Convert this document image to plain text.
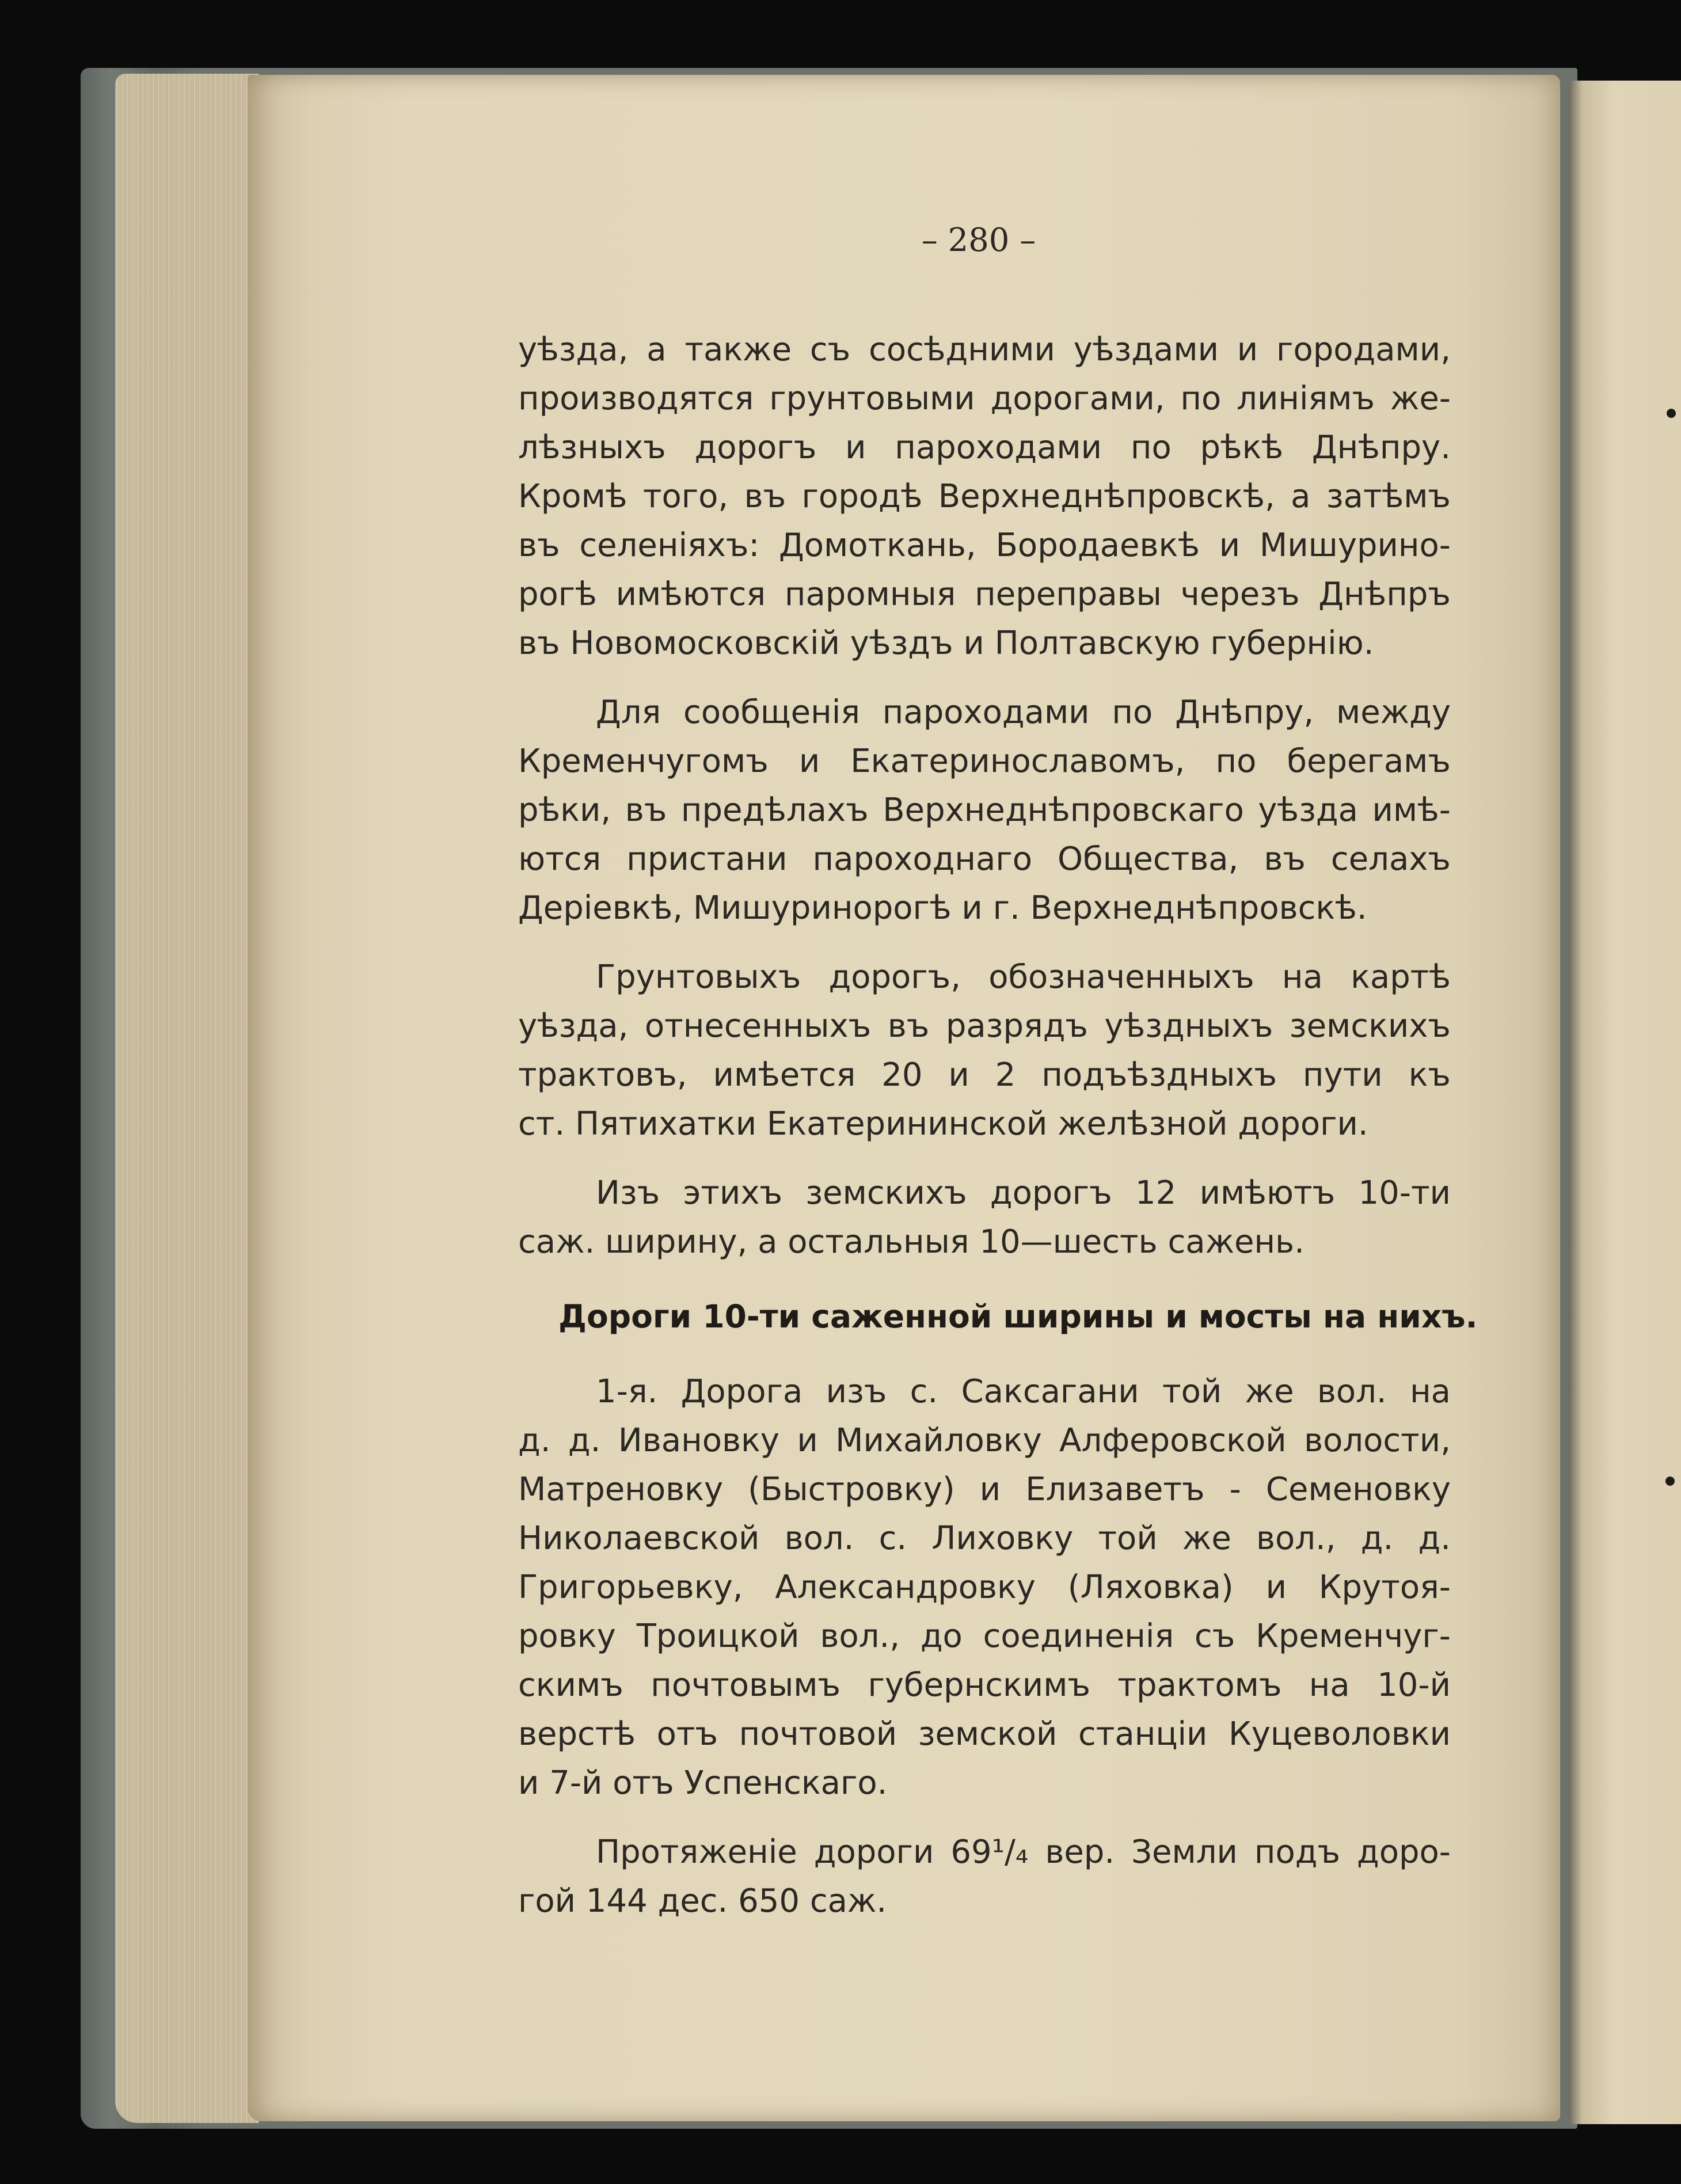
– 280 –
уѣзда, а также съ сосѣдними уѣздами и городами,
производятся грунтовыми дорогами, по линіямъ же-
лѣзныхъ дорогъ и пароходами по рѣкѣ Днѣпру.
Кромѣ того, въ городѣ Верхнеднѣпровскѣ, а затѣмъ
въ селеніяхъ: Домоткань, Бородаевкѣ и Мишурино-
рогѣ имѣются паромныя переправы черезъ Днѣпръ
въ Новомосковскій уѣздъ и Полтавскую губернію.
Для сообщенія пароходами по Днѣпру, между
Кременчугомъ и Екатеринославомъ, по берегамъ
рѣки, въ предѣлахъ Верхнеднѣпровскаго уѣзда имѣ-
ются пристани пароходнаго Общества, въ селахъ
Деріевкѣ, Мишуринорогѣ и г. Верхнеднѣпровскѣ.
Грунтовыхъ дорогъ, обозначенныхъ на картѣ
уѣзда, отнесенныхъ въ разрядъ уѣздныхъ земскихъ
трактовъ, имѣется 20 и 2 подъѣздныхъ пути къ
ст. Пятихатки Екатерининской желѣзной дороги.
Изъ этихъ земскихъ дорогъ 12 имѣютъ 10-ти
саж. ширину, а остальныя 10—шесть сажень.
Дороги 10-ти саженной ширины и мосты на нихъ.
1-я. Дорога изъ с. Саксагани той же вол. на
д. д. Ивановку и Михайловку Алферовской волости,
Матреновку (Быстровку) и Елизаветъ - Семеновку
Николаевской вол. с. Лиховку той же вол., д. д.
Григорьевку, Александровку (Ляховка) и Крутоя-
ровку Троицкой вол., до соединенія съ Кременчуг-
скимъ почтовымъ губернскимъ трактомъ на 10-й
верстѣ отъ почтовой земской станціи Куцеволовки
и 7-й отъ Успенскаго.
Протяженіе дороги 69¹/₄ вер. Земли подъ доро-
гой 144 дес. 650 саж.
